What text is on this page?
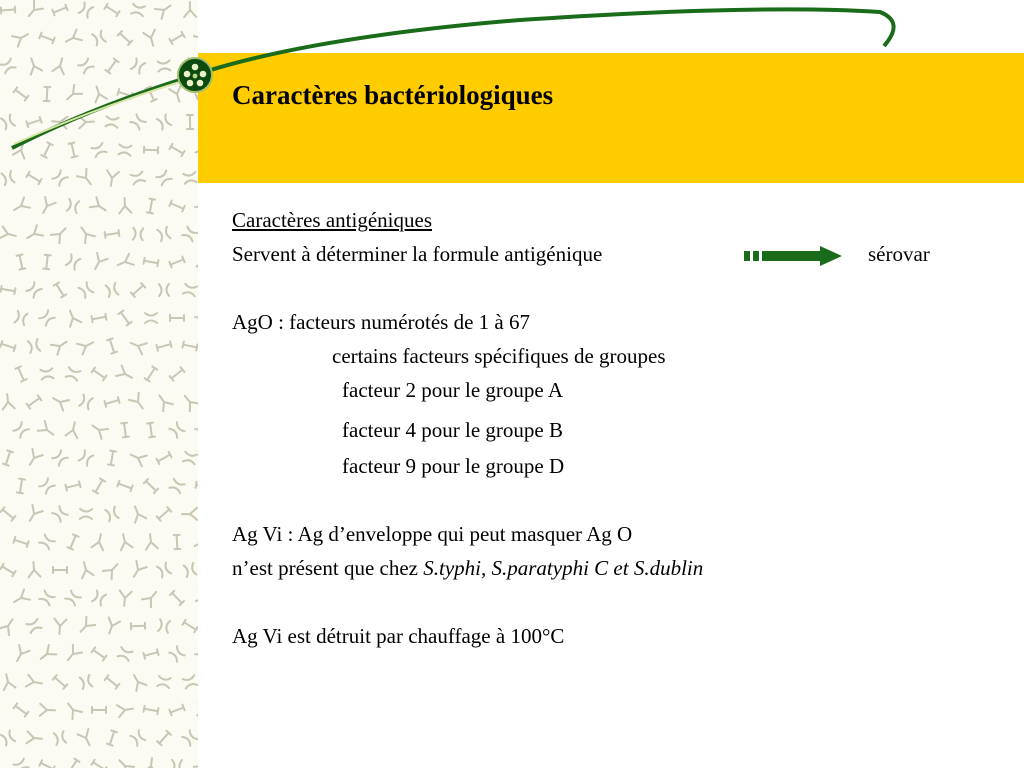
Caractères bactériologiques
Caractères antigéniques
Servent à déterminer la formule antigénique	sérovar
AgO : facteurs numérotés de 1 à 67
certains facteurs spécifiques de groupes
facteur 2 pour le groupe A
facteur 4 pour le groupe B
facteur 9 pour le groupe D
Ag Vi : Ag d’enveloppe qui peut masquer Ag O
n’est présent que chez S.typhi, S.paratyphi C et S.dublin
Ag Vi est détruit par chauffage à 100°C
